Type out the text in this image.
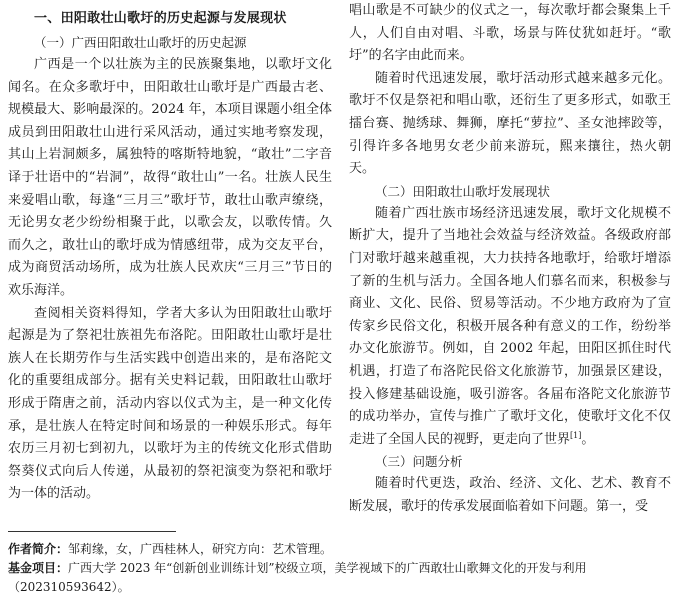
一、田阳敢壮山歌圩的历史起源与发展现状
（一）广西田阳敢壮山歌圩的历史起源

广西是一个以壮族为主的民族聚集地，以歌圩文化闻名。在众多歌圩中，田阳敢壮山歌圩是广西最古老、规模最大、影响最深的。2024 年，本项目课题小组全体成员到田阳敢壮山进行采风活动，通过实地考察发现，其山上岩洞颇多，属独特的喀斯特地貌，“敢壮”二字音译于壮语中的“岩洞”，故得“敢壮山”一名。壮族人民生来爱唱山歌，每逢“三月三”歌圩节，敢壮山歌声缭绕，无论男女老少纷纷相聚于此，以歌会友，以歌传情。久而久之，敢壮山的歌圩成为情感纽带，成为交友平台，成为商贸活动场所，成为壮族人民欢庆“三月三”节日的欢乐海洋。

查阅相关资料得知，学者大多认为田阳敢壮山歌圩起源是为了祭祀壮族祖先布洛陀。田阳敢壮山歌圩是壮族人在长期劳作与生活实践中创造出来的，是布洛陀文化的重要组成部分。据有关史料记载，田阳敢壮山歌圩形成于隋唐之前，活动内容以仪式为主，是一种文化传承，是壮族人在特定时间和场景的一种娱乐形式。每年农历三月初七到初九，以歌圩为主的传统文化形式借助祭葵仪式向后人传递，从最初的祭祀演变为祭祀和歌圩为一体的活动。

唱山歌是不可缺少的仪式之一，每次歌圩都会聚集上千人，人们自由对唱、斗歌，场景与阵仗犹如赶圩。“歌圩”的名字由此而来。

随着时代迅速发展，歌圩活动形式越来越多元化。歌圩不仅是祭祀和唱山歌，还衍生了更多形式，如歌王擂台赛、抛绣球、舞狮，摩托“萝拉”、圣女池摔跤等，引得许多各地男女老少前来游玩，熙来攘往，热火朝天。

（二）田阳敢壮山歌圩发展现状

随着广西壮族市场经济迅速发展，歌圩文化规模不断扩大，提升了当地社会效益与经济效益。各级政府部门对歌圩越来越重视，大力扶持各地歌圩，给歌圩增添了新的生机与活力。全国各地人们慕名而来，积极参与商业、文化、民俗、贸易等活动。不少地方政府为了宣传家乡民俗文化，积极开展各种有意义的工作，纷纷举办文化旅游节。例如，自 2002 年起，田阳区抓住时代机遇，打造了布洛陀民俗文化旅游节，加强景区建设，投入修建基础设施，吸引游客。各届布洛陀文化旅游节的成功举办，宣传与推广了歌圩文化，使歌圩文化不仅走进了全国人民的视野，更走向了世界[1]。

（三）问题分析

随着时代更迭，政治、经济、文化、艺术、教育不断发展，歌圩的传承发展面临着如下问题。第一，受

作者简介：邹莉缘，女，广西桂林人，研究方向：艺术管理。
基金项目：广西大学 2023 年“创新创业训练计划”校级立项，美学视域下的广西敢壮山歌舞文化的开发与利用（202310593642）。
